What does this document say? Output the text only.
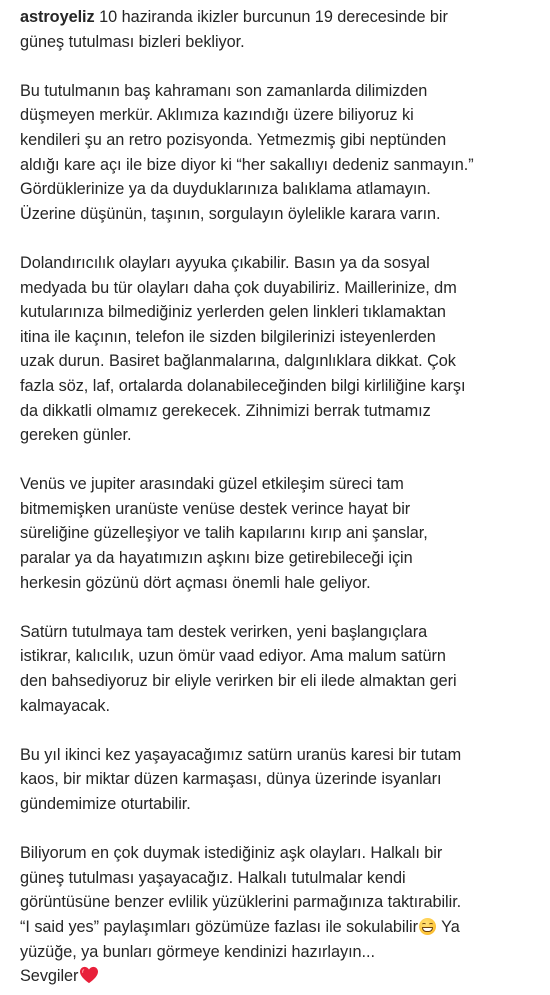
astroyeliz 10 haziranda ikizler burcunun 19 derecesinde bir
güneş tutulması bizleri bekliyor.

Bu tutulmanın baş kahramanı son zamanlarda dilimizden
düşmeyen merkür. Aklımıza kazındığı üzere biliyoruz ki
kendileri şu an retro pozisyonda. Yetmezmiş gibi neptünden
aldığı kare açı ile bize diyor ki “her sakallıyı dedeniz sanmayın.”
Gördüklerinize ya da duyduklarınıza balıklama atlamayın.
Üzerine düşünün, taşının, sorgulayın öylelikle karara varın.

Dolandırıcılık olayları ayyuka çıkabilir. Basın ya da sosyal
medyada bu tür olayları daha çok duyabiliriz. Maillerinize, dm
kutularınıza bilmediğiniz yerlerden gelen linkleri tıklamaktan
itina ile kaçının, telefon ile sizden bilgilerinizi isteyenlerden
uzak durun. Basiret bağlanmalarına, dalgınlıklara dikkat. Çok
fazla söz, laf, ortalarda dolanabileceğinden bilgi kirliliğine karşı
da dikkatli olmamız gerekecek. Zihnimizi berrak tutmamız
gereken günler.

Venüs ve jupiter arasındaki güzel etkileşim süreci tam
bitmemişken uranüste venüse destek verince hayat bir
süreliğine güzelleşiyor ve talih kapılarını kırıp ani şanslar,
paralar ya da hayatımızın aşkını bize getirebileceği için
herkesin gözünü dört açması önemli hale geliyor.

Satürn tutulmaya tam destek verirken, yeni başlangıçlara
istikrar, kalıcılık, uzun ömür vaad ediyor. Ama malum satürn
den bahsediyoruz bir eliyle verirken bir eli ilede almaktan geri
kalmayacak.

Bu yıl ikinci kez yaşayacağımız satürn uranüs karesi bir tutam
kaos, bir miktar düzen karmaşası, dünya üzerinde isyanları
gündemimize oturtabilir.

Biliyorum en çok duymak istediğiniz aşk olayları. Halkalı bir
güneş tutulması yaşayacağız. Halkalı tutulmalar kendi
görüntüsüne benzer evlilik yüzüklerini parmağınıza taktırabilir.
“I said yes” paylaşımları gözümüze fazlası ile sokulabilir
Ya
yüzüğe, ya bunları görmeye kendinizi hazırlayın...
Sevgiler
